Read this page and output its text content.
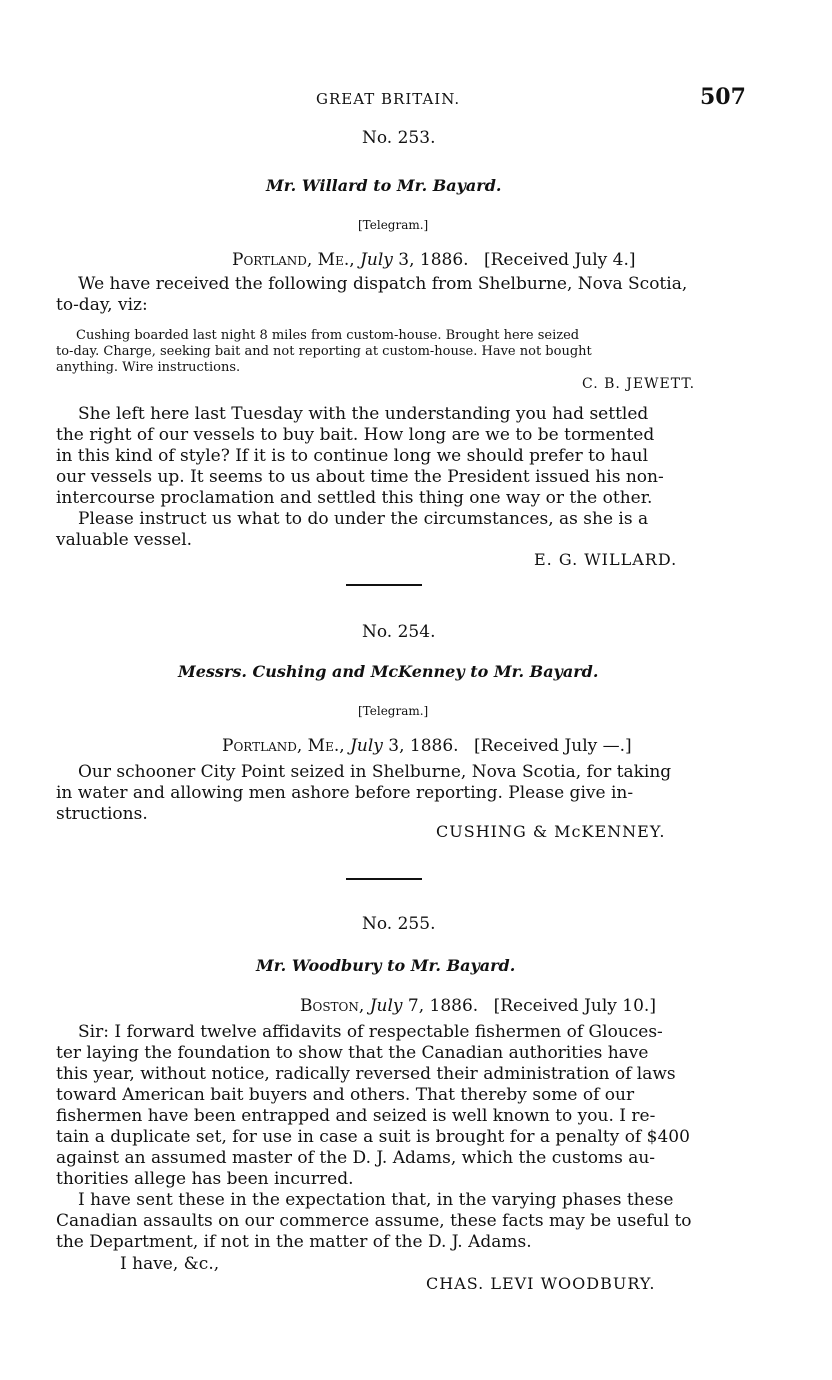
GREAT BRITAIN.	507
No. 253.
Mr. Willard to Mr. Bayard.
[Telegram.]
Portland, Me., July 3, 1886. [Received July 4.]
We have received the following dispatch from Shelburne, Nova Scotia,
to-day, viz:
Cushing boarded last night 8 miles from custom-house. Brought here seized
to-day. Charge, seeking bait and not reporting at custom-house. Have not bought
anything. Wire instructions.
C. B. JEWETT.
She left here last Tuesday with the understanding you had settled
the right of our vessels to buy bait. How long are we to be tormented
in this kind of style? If it is to continue long we should prefer to haul
our vessels up. It seems to us about time the President issued his non-
intercourse proclamation and settled this thing one way or the other.
Please instruct us what to do under the circumstances, as she is a
valuable vessel.
E. G. WILLARD.
No. 254.
Messrs. Cushing and McKenney to Mr. Bayard.
[Telegram.]
Portland, Me., July 3, 1886. [Received July —.]
Our schooner City Point seized in Shelburne, Nova Scotia, for taking
in water and allowing men ashore before reporting. Please give in-
structions.
CUSHING & McKENNEY.
No. 255.
Mr. Woodbury to Mr. Bayard.
Boston, July 7, 1886. [Received July 10.]
Sir: I forward twelve affidavits of respectable fishermen of Glouces-
ter laying the foundation to show that the Canadian authorities have
this year, without notice, radically reversed their administration of laws
toward American bait buyers and others. That thereby some of our
fishermen have been entrapped and seized is well known to you. I re-
tain a duplicate set, for use in case a suit is brought for a penalty of $400
against an assumed master of the D. J. Adams, which the customs au-
thorities allege has been incurred.
I have sent these in the expectation that, in the varying phases these
Canadian assaults on our commerce assume, these facts may be useful to
the Department, if not in the matter of the D. J. Adams.
I have, &c.,
CHAS. LEVI WOODBURY.
